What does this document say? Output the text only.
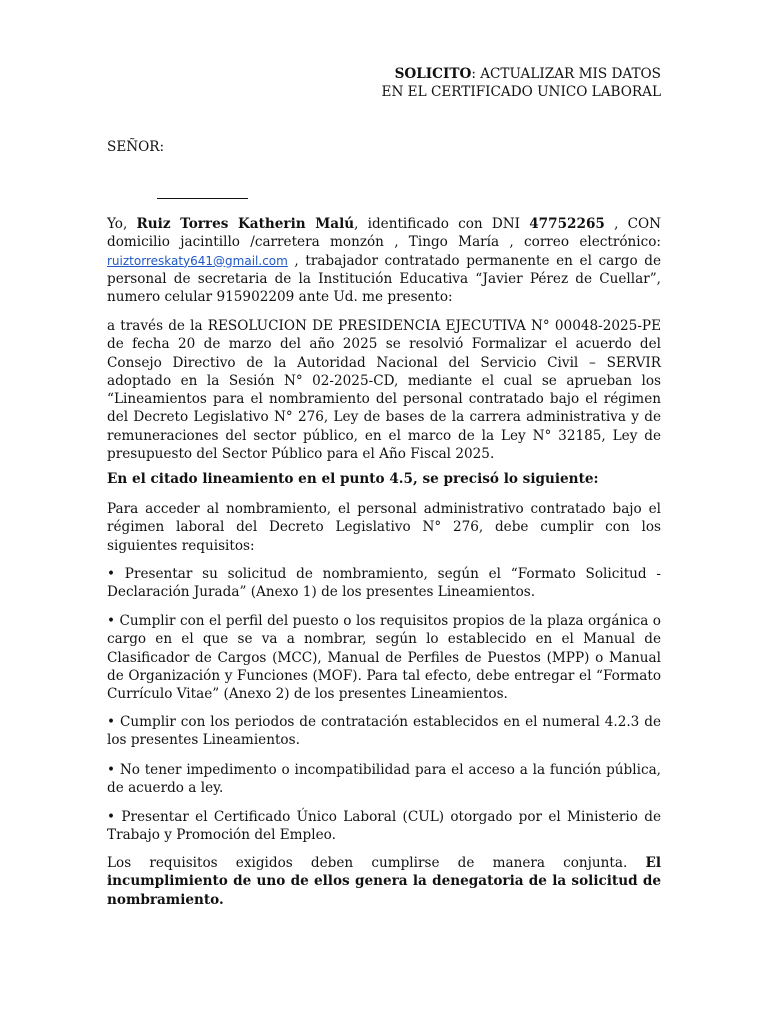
SOLICITO: ACTUALIZAR MIS DATOS
EN EL CERTIFICADO UNICO LABORAL

SEÑOR:

Yo, Ruiz Torres Katherin Malú, identificado con DNI 47752265 , CON domicilio jacintillo /carretera monzón , Tingo María , correo electrónico: ruiztorreskaty641@gmail.com , trabajador contratado permanente en el cargo de personal de secretaria de la Institución Educativa “Javier Pérez de Cuellar”, numero celular 915902209 ante Ud. me presento:

a través de la RESOLUCION DE PRESIDENCIA EJECUTIVA N° 00048-2025-PE de fecha 20 de marzo del año 2025 se resolvió Formalizar el acuerdo del Consejo Directivo de la Autoridad Nacional del Servicio Civil – SERVIR adoptado en la Sesión N° 02-2025-CD, mediante el cual se aprueban los “Lineamientos para el nombramiento del personal contratado bajo el régimen del Decreto Legislativo N° 276, Ley de bases de la carrera administrativa y de remuneraciones del sector público, en el marco de la Ley N° 32185, Ley de presupuesto del Sector Público para el Año Fiscal 2025.

En el citado lineamiento en el punto 4.5, se precisó lo siguiente:

Para acceder al nombramiento, el personal administrativo contratado bajo el régimen laboral del Decreto Legislativo N° 276, debe cumplir con los siguientes requisitos:

• Presentar su solicitud de nombramiento, según el “Formato Solicitud - Declaración Jurada” (Anexo 1) de los presentes Lineamientos.

• Cumplir con el perfil del puesto o los requisitos propios de la plaza orgánica o cargo en el que se va a nombrar, según lo establecido en el Manual de Clasificador de Cargos (MCC), Manual de Perfiles de Puestos (MPP) o Manual de Organización y Funciones (MOF). Para tal efecto, debe entregar el “Formato Currículo Vitae” (Anexo 2) de los presentes Lineamientos.

• Cumplir con los periodos de contratación establecidos en el numeral 4.2.3 de los presentes Lineamientos.

• No tener impedimento o incompatibilidad para el acceso a la función pública, de acuerdo a ley.

• Presentar el Certificado Único Laboral (CUL) otorgado por el Ministerio de Trabajo y Promoción del Empleo.

Los requisitos exigidos deben cumplirse de manera conjunta. El incumplimiento de uno de ellos genera la denegatoria de la solicitud de nombramiento.
